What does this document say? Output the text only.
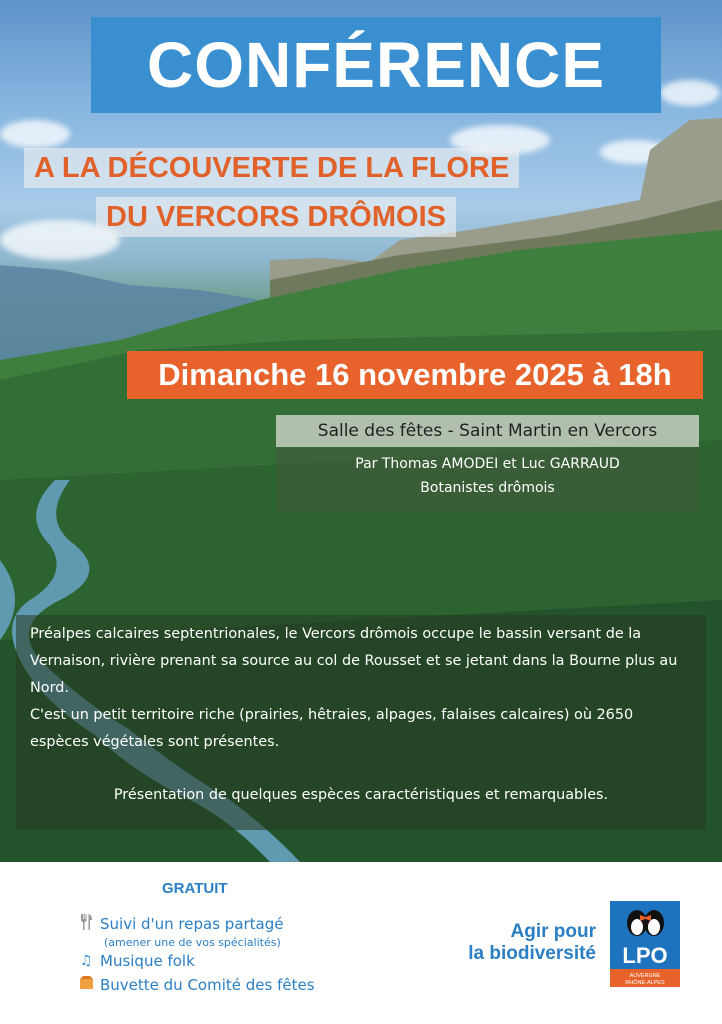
CONFÉRENCE
A LA DÉCOUVERTE DE LA FLORE
DU VERCORS DRÔMOIS
Dimanche 16 novembre 2025 à 18h
Salle des fêtes - Saint Martin en Vercors
Par Thomas AMODEI et Luc GARRAUD
Botanistes drômois

Préalpes calcaires septentrionales, le Vercors drômois occupe le bassin versant de la Vernaison, rivière prenant sa source au col de Rousset et se jetant dans la Bourne plus au Nord.

C'est un petit territoire riche (prairies, hêtraies, alpages, falaises calcaires) où 2650 espèces végétales sont présentes.

Présentation de quelques espèces caractéristiques et remarquables.

GRATUIT
Suivi d'un repas partagé
(amener une de vos spécialités)
♫ Musique folk
Buvette du Comité des fêtes
Agir pour
la biodiversité LPO
AUVERGNE
RHÔNE-ALPES
